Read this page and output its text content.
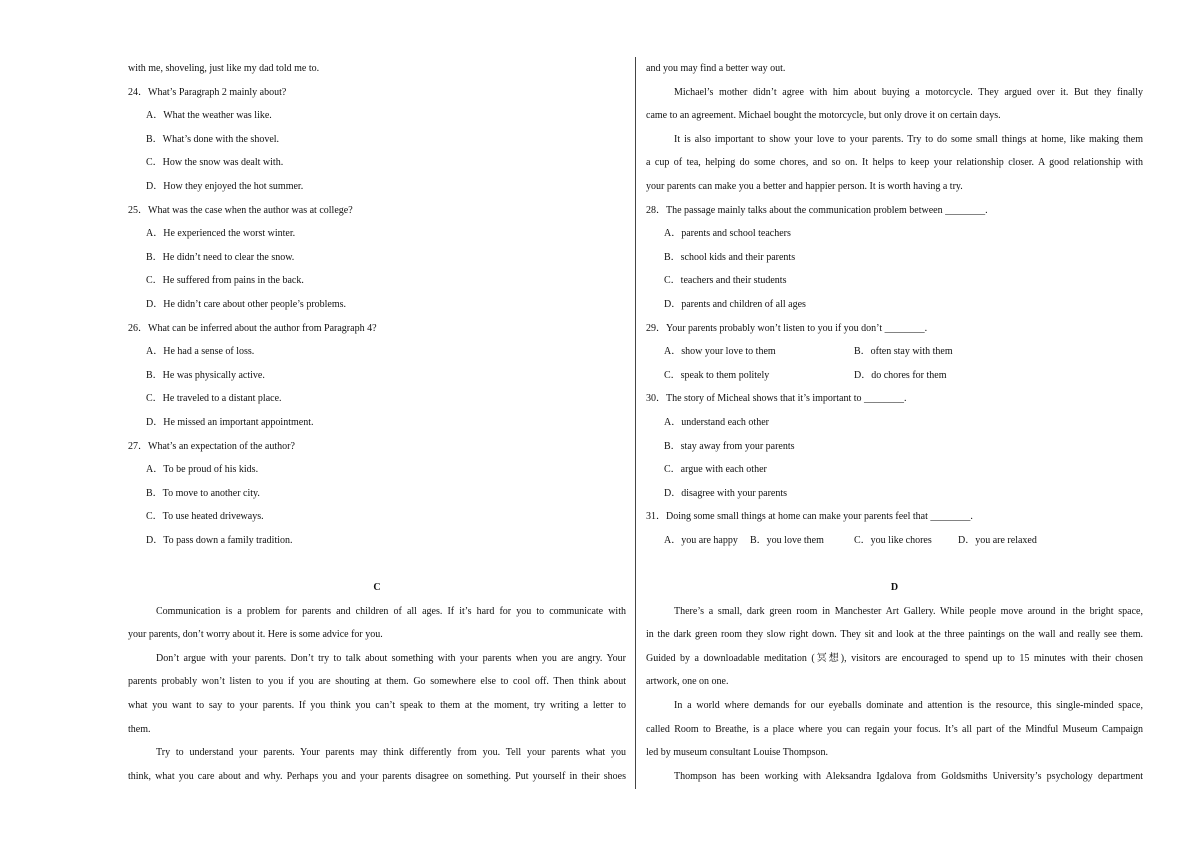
with me, shoveling, just like my dad told me to.
24．What’s Paragraph 2 mainly about?
A．What the weather was like.
B．What’s done with the shovel.
C．How the snow was dealt with.
D．How they enjoyed the hot summer.
25．What was the case when the author was at college?
A．He experienced the worst winter.
B．He didn’t need to clear the snow.
C．He suffered from pains in the back.
D．He didn’t care about other people’s problems.
26．What can be inferred about the author from Paragraph 4?
A．He had a sense of loss.
B．He was physically active.
C．He traveled to a distant place.
D．He missed an important appointment.
27．What’s an expectation of the author?
A．To be proud of his kids.
B．To move to another city.
C．To use heated driveways.
D．To pass down a family tradition.
C
Communication is a problem for parents and children of all ages. If it’s hard for you to communicate with
your parents, don’t worry about it. Here is some advice for you.
Don’t argue with your parents. Don’t try to talk about something with your parents when you are angry. Your
parents probably won’t listen to you if you are shouting at them. Go somewhere else to cool off. Then think about
what you want to say to your parents. If you think you can’t speak to them at the moment, try writing a letter to
them.
Try to understand your parents. Your parents may think differently from you. Tell your parents what you
think, what you care about and why. Perhaps you and your parents disagree on something. Put yourself in their shoes
and you may find a better way out.
Michael’s mother didn’t agree with him about buying a motorcycle. They argued over it. But they finally
came to an agreement. Michael bought the motorcycle, but only drove it on certain days.
It is also important to show your love to your parents. Try to do some small things at home, like making them
a cup of tea, helping do some chores, and so on. It helps to keep your relationship closer. A good relationship with
your parents can make you a better and happier person. It is worth having a try.
28．The passage mainly talks about the communication problem between ________.
A．parents and school teachers
B．school kids and their parents
C．teachers and their students
D．parents and children of all ages
29．Your parents probably won’t listen to you if you don’t ________.
A．show your love to them	B．often stay with them
C．speak to them politely	D．do chores for them
30．The story of Micheal shows that it’s important to ________.
A．understand each other
B．stay away from your parents
C．argue with each other
D．disagree with your parents
31．Doing some small things at home can make your parents feel that ________.
A．you are happy	B．you love them	C．you like chores	D．you are relaxed
D
There’s a small, dark green room in Manchester Art Gallery. While people move around in the bright space,
in the dark green room they slow right down. They sit and look at the three paintings on the wall and really see them.
Guided by a downloadable meditation (冥想), visitors are encouraged to spend up to 15 minutes with their chosen
artwork, one on one.
In a world where demands for our eyeballs dominate and attention is the resource, this single-minded space,
called Room to Breathe, is a place where you can regain your focus. It’s all part of the Mindful Museum Campaign
led by museum consultant Louise Thompson.
Thompson has been working with Aleksandra Igdalova from Goldsmiths University’s psychology department
